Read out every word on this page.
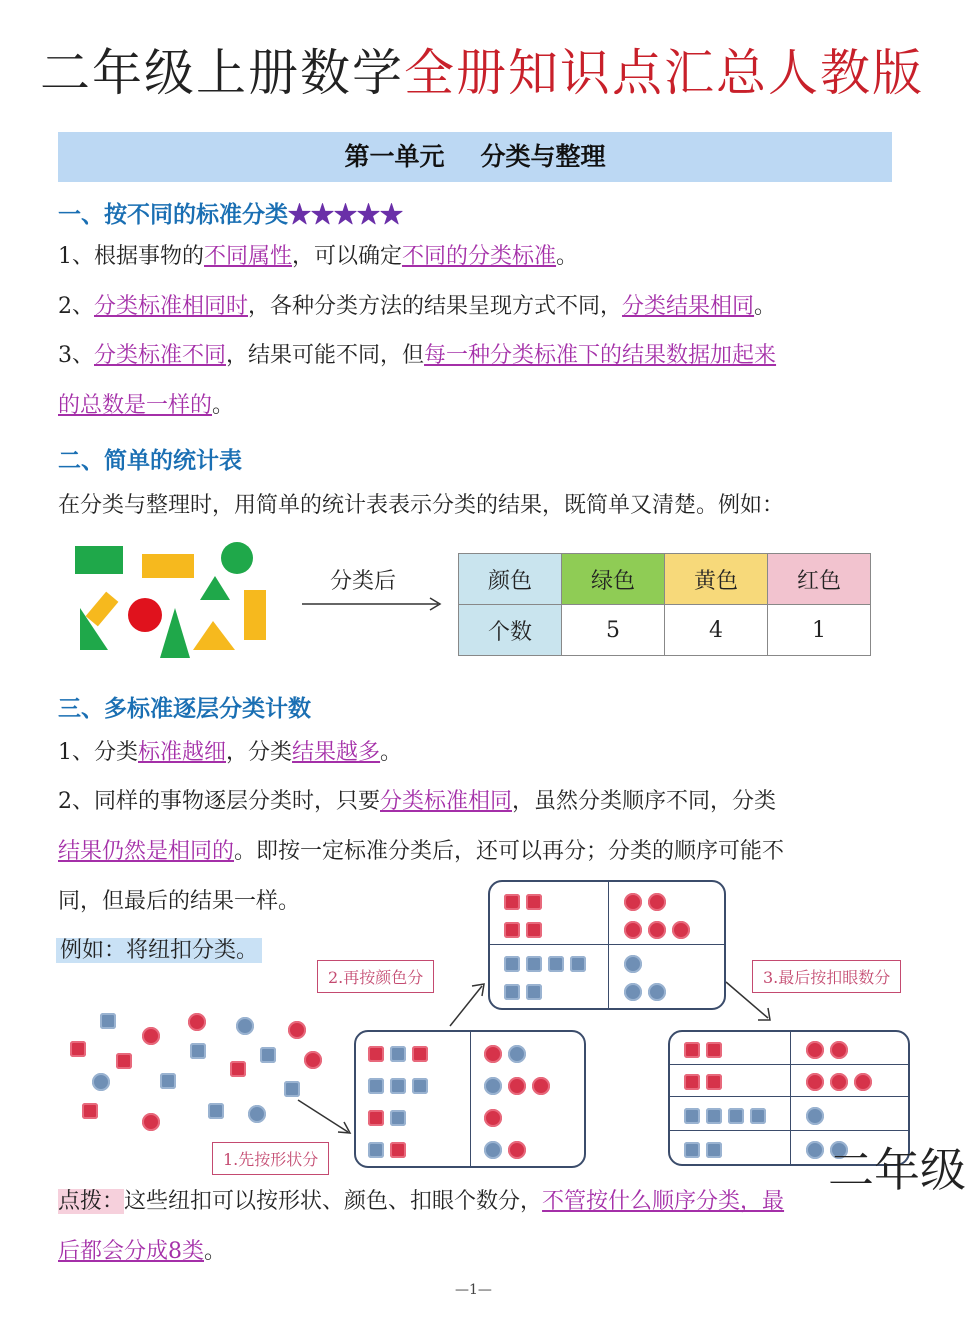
二年级上册数学全册知识点汇总人教版
第一单元 分类与整理
一、按不同的标准分类★★★★★
1、根据事物的不同属性，可以确定不同的分类标准。
2、分类标准相同时，各种分类方法的结果呈现方式不同，分类结果相同。
3、分类标准不同，结果可能不同，但每一种分类标准下的结果数据加起来
的总数是一样的。
二、简单的统计表
在分类与整理时，用简单的统计表表示分类的结果，既简单又清楚。例如：
分类后	颜色	绿色	黄色	红色
个数	5	4	1
三、多标准逐层分类计数
1、分类标准越细，分类结果越多。
2、同样的事物逐层分类时，只要分类标准相同，虽然分类顺序不同，分类
结果仍然是相同的。即按一定标准分类后，还可以再分；分类的顺序可能不
同，但最后的结果一样。
例如：将纽扣分类。
1.先按形状分
2.再按颜色分	3.最后按扣眼数分
二年级
点拨：这些纽扣可以按形状、颜色、扣眼个数分，不管按什么顺序分类，最
后都会分成8类。
—1—
